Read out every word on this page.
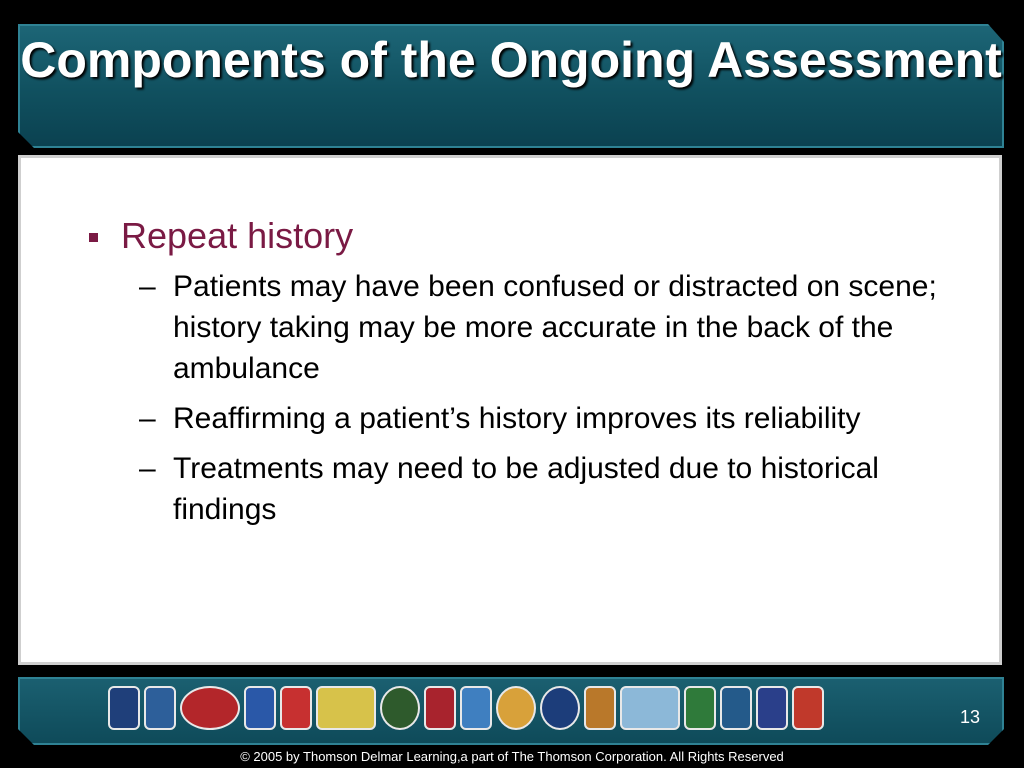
Components of the Ongoing Assessment
Repeat history
– Patients may have been confused or distracted on scene; history taking may be more accurate in the back of the ambulance
– Reaffirming a patient’s history improves its reliability
– Treatments may need to be adjusted due to historical findings
13
© 2005 by Thomson Delmar Learning,a part of The Thomson Corporation. All Rights Reserved
